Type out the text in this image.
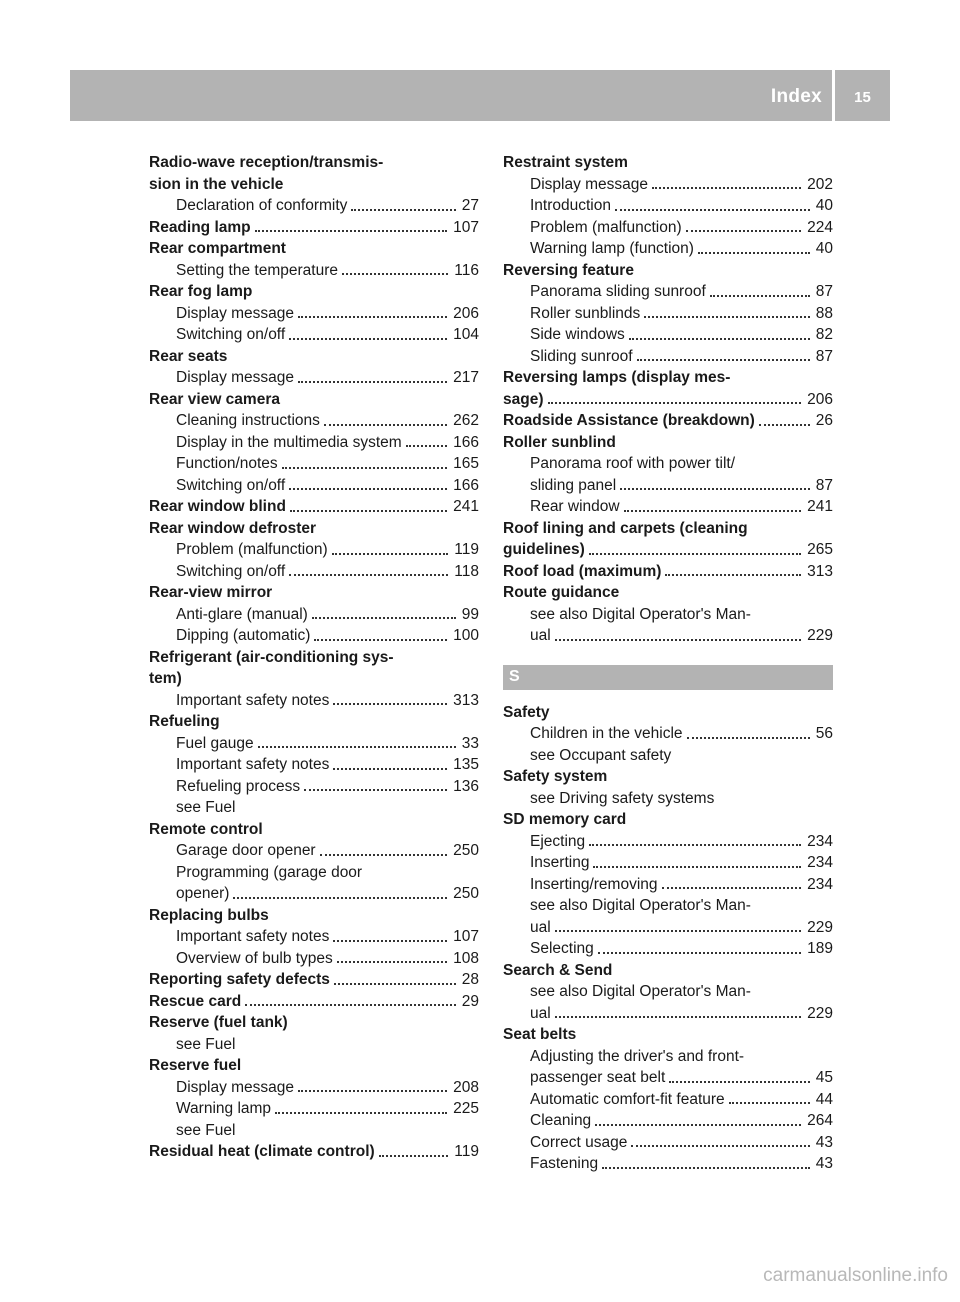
Index	15
Radio-wave reception/transmis-
sion in the vehicle
Declaration of conformity	27
Reading lamp	107
Rear compartment
Setting the temperature	116
Rear fog lamp
Display message	206
Switching on/off	104
Rear seats
Display message	217
Rear view camera
Cleaning instructions	262
Display in the multimedia system	166
Function/notes	165
Switching on/off	166
Rear window blind	241
Rear window defroster
Problem (malfunction)	119
Switching on/off	118
Rear-view mirror
Anti-glare (manual)	99
Dipping (automatic)	100
Refrigerant (air-conditioning sys-
tem)
Important safety notes	313
Refueling
Fuel gauge	33
Important safety notes	135
Refueling process	136
see Fuel
Remote control
Garage door opener	250
Programming (garage door
opener)	250
Replacing bulbs
Important safety notes	107
Overview of bulb types	108
Reporting safety defects	28
Rescue card	29
Reserve (fuel tank)
see Fuel
Reserve fuel
Display message	208
Warning lamp	225
see Fuel
Residual heat (climate control)	119
Restraint system
Display message	202
Introduction	40
Problem (malfunction)	224
Warning lamp (function)	40
Reversing feature
Panorama sliding sunroof	87
Roller sunblinds	88
Side windows	82
Sliding sunroof	87
Reversing lamps (display mes-
sage)	206
Roadside Assistance (breakdown)	26
Roller sunblind
Panorama roof with power tilt/
sliding panel	87
Rear window	241
Roof lining and carpets (cleaning
guidelines)	265
Roof load (maximum)	313
Route guidance
see also Digital Operator's Man-
ual	229
S
Safety
Children in the vehicle	56
see Occupant safety
Safety system
see Driving safety systems
SD memory card
Ejecting	234
Inserting	234
Inserting/removing	234
see also Digital Operator's Man-
ual	229
Selecting	189
Search & Send
see also Digital Operator's Man-
ual	229
Seat belts
Adjusting the driver's and front-
passenger seat belt	45
Automatic comfort-fit feature	44
Cleaning	264
Correct usage	43
Fastening	43
carmanualsonline.info
